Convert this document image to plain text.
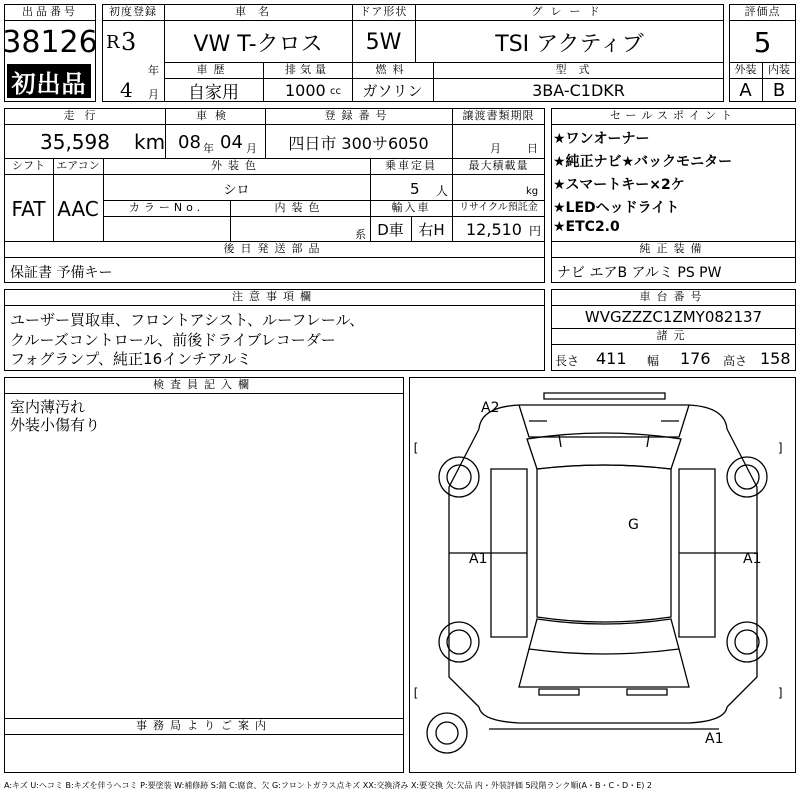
出品番号
38126
初出品
初度登録
R 3
年
4 月
車名
VW T-クロス
ドア形状
5W
グレード
TSI アクティブ
車歴
自家用
排気量
1000 cc
燃料
ガソリン
型式
3BA-C1DKR
評価点
5
外装	内装
A	B
走行
35,598 km
車検
08 年 04 月
登録番号
四日市 300サ6050
譲渡書類期限
月 日
シフト
FAT
エアコン
AAC
外装色
シロ
乗車定員
5 人
最大積載量
kg
カラーNo.	内装色
系
輸入車
D車 右H
リサイクル預託金
12,510 円
後日発送部品
保証書 予備キー
セールスポイント
★ワンオーナー
★純正ナビ★バックモニター
★スマートキー×2ケ
★LEDヘッドライト
★ETC2.0
純正装備
ナビ エアB アルミ PS PW
注意事項欄
ユーザー買取車、フロントアシスト、ルーフレール、
クルーズコントロール、前後ドライブレコーダー
フォグランプ、純正16インチアルミ
車台番号
WVGZZZC1ZMY082137
諸元
長さ 411 幅 176 高さ 158
検査員記入欄
室内薄汚れ
外装小傷有り
事務局よりご案内
[	]
[	]
A2
A1	A1
G
A1
A:キズ U:ヘコミ B:キズを伴うヘコミ P:要塗装 W:補修跡 S:錆 C:腐食、欠 G:フロントガラス点キズ XX:交換済み X:要交換 欠:欠品 内・外装評価 5段階ランク順(A・B・C・D・E) 2
